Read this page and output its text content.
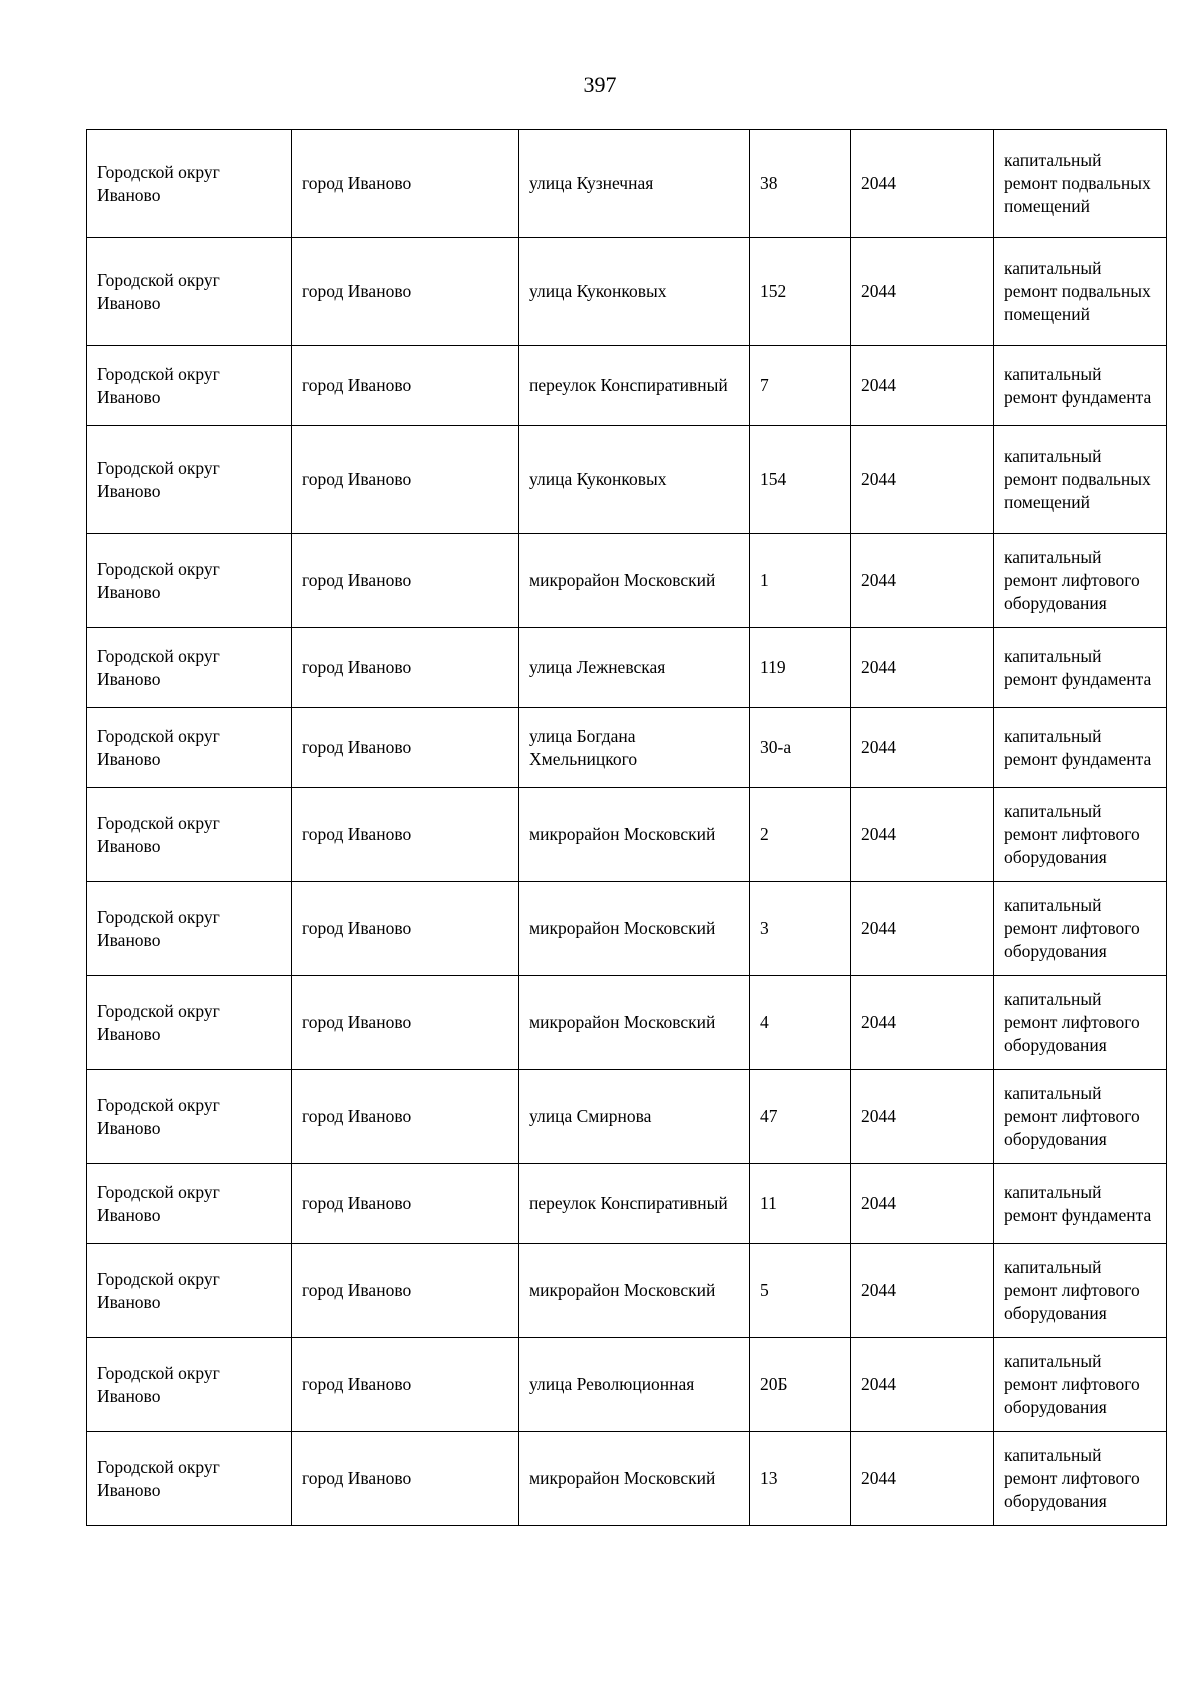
397
Городской округ Иваново	город Иваново	улица Кузнечная	38	2044	капитальный ремонт подвальных помещений
Городской округ Иваново	город Иваново	улица Куконковых	152	2044	капитальный ремонт подвальных помещений
Городской округ Иваново	город Иваново	переулок Конспиративный	7	2044	капитальный ремонт фундамента
Городской округ Иваново	город Иваново	улица Куконковых	154	2044	капитальный ремонт подвальных помещений
Городской округ Иваново	город Иваново	микрорайон Московский	1	2044	капитальный ремонт лифтового оборудования
Городской округ Иваново	город Иваново	улица Лежневская	119	2044	капитальный ремонт фундамента
Городской округ Иваново	город Иваново	улица Богдана Хмельницкого	30-а	2044	капитальный ремонт фундамента
Городской округ Иваново	город Иваново	микрорайон Московский	2	2044	капитальный ремонт лифтового оборудования
Городской округ Иваново	город Иваново	микрорайон Московский	3	2044	капитальный ремонт лифтового оборудования
Городской округ Иваново	город Иваново	микрорайон Московский	4	2044	капитальный ремонт лифтового оборудования
Городской округ Иваново	город Иваново	улица Смирнова	47	2044	капитальный ремонт лифтового оборудования
Городской округ Иваново	город Иваново	переулок Конспиративный	11	2044	капитальный ремонт фундамента
Городской округ Иваново	город Иваново	микрорайон Московский	5	2044	капитальный ремонт лифтового оборудования
Городской округ Иваново	город Иваново	улица Революционная	20Б	2044	капитальный ремонт лифтового оборудования
Городской округ Иваново	город Иваново	микрорайон Московский	13	2044	капитальный ремонт лифтового оборудования
